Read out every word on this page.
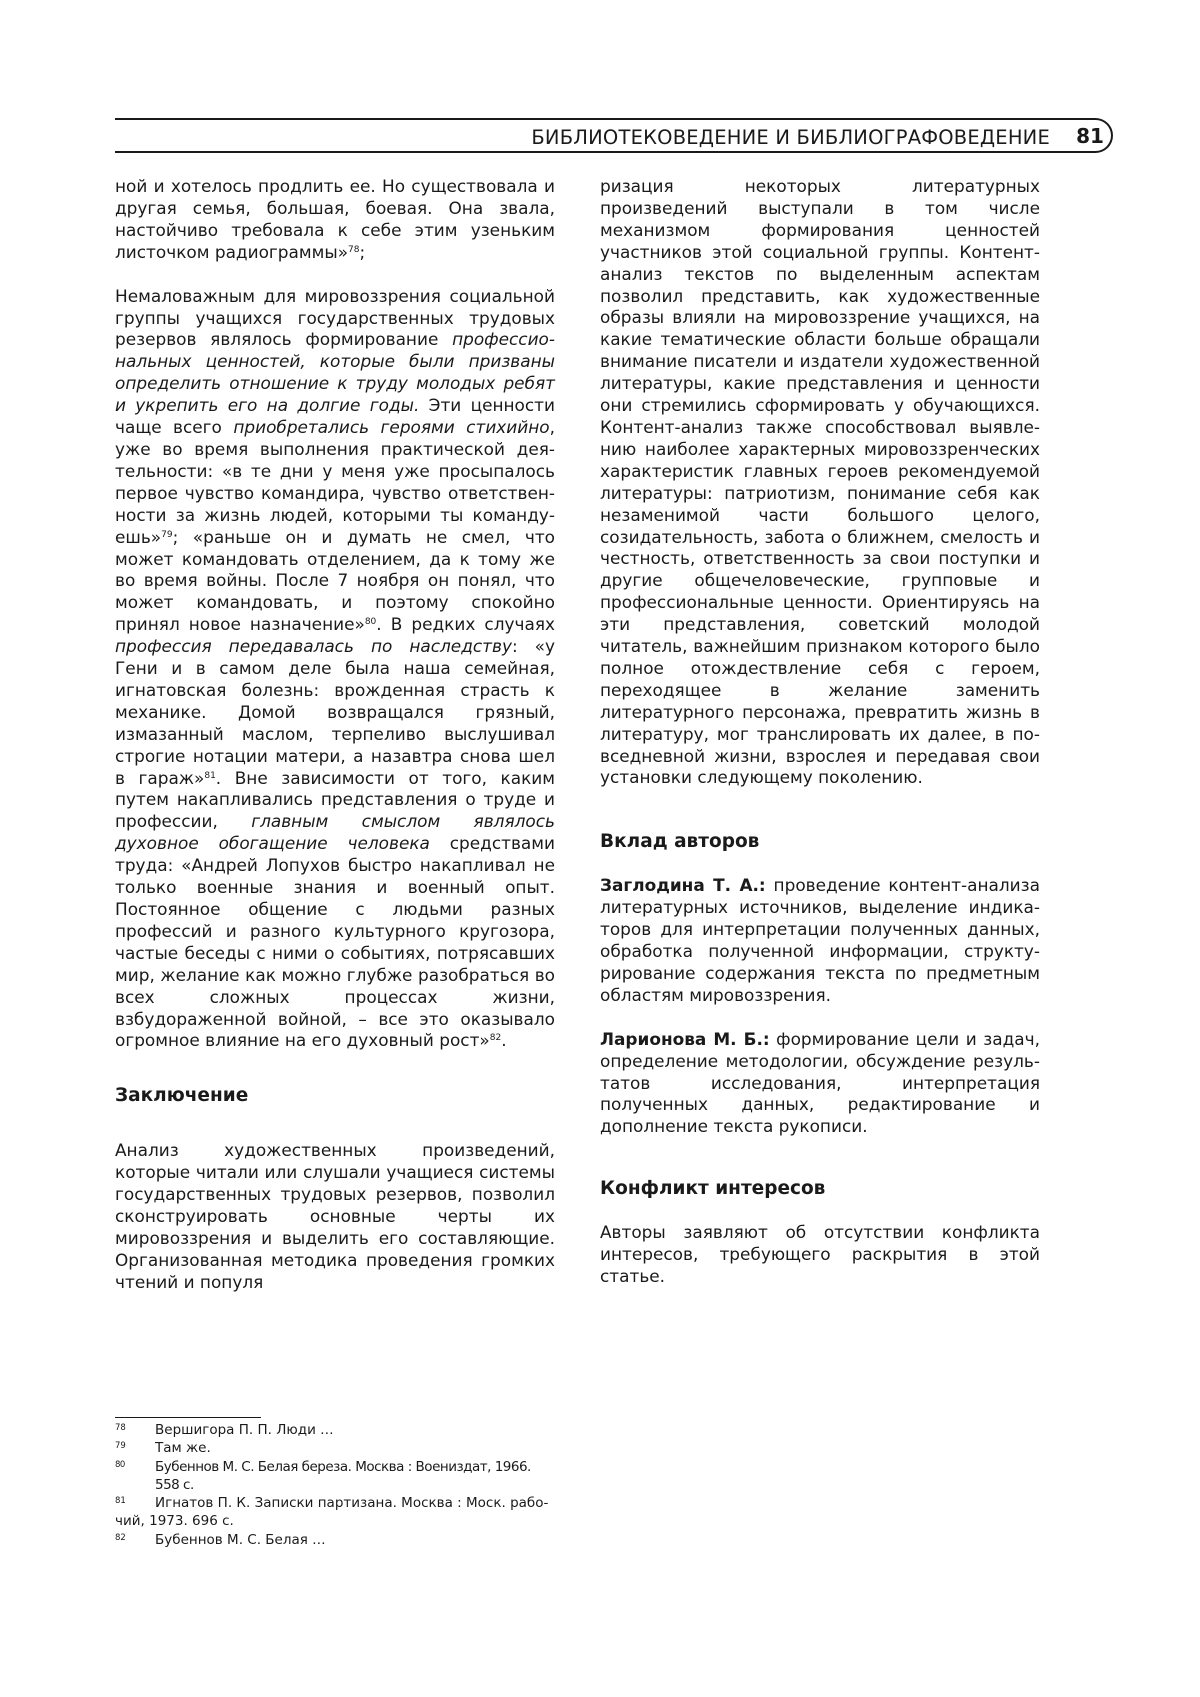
БИБЛИОТЕКОВЕДЕНИЕ И БИБЛИОГРАФОВЕДЕНИЕ 81

ной и хотелось продлить ее. Но существовала и другая семья, большая, боевая. Она звала, настойчиво требовала к себе этим узеньким листочком радиограммы»78;

Немаловажным для мировоззрения социальной группы учащихся государственных трудовых резервов являлось формирование профессио­нальных ценностей, которые были призваны определить отношение к труду молодых ребят и укрепить его на долгие годы. Эти ценности чаще всего приобретались героями стихийно, уже во время выполнения практической дея­тельности: «в те дни у меня уже просыпалось первое чувство командира, чувство ответствен­ности за жизнь людей, которыми ты команду­ешь»79; «раньше он и думать не смел, что может командовать отделением, да к тому же во время войны. После 7 ноября он понял, что может командовать, и поэтому спокойно принял новое назначение»80. В редких случаях профессия передавалась по наследству: «у Гени и в самом деле была наша семейная, игнатовская болезнь: врожденная страсть к механике. Домой возвра­щался грязный, измазанный маслом, терпеливо выслушивал строгие нотации матери, а назавтра снова шел в гараж»81. Вне зависимости от того, каким путем накапливались представления о труде и профессии, главным смыслом являлось духовное обогащение человека средствами труда: «Андрей Лопухов быстро накапливал не только военные знания и военный опыт. Постоянное общение с людьми разных профессий и разного культурного кругозора, частые беседы с ними о событиях, потрясавших мир, желание как можно глубже разобраться во всех сложных процессах жизни, взбудораженной войной, – все это оказывало огромное влияние на его духовный рост»82.

Заключение

Анализ художественных произведений, которые читали или слушали учащиеся системы государ­ственных трудовых резервов, позволил скон­струировать основные черты их мировоззрения и выделить его составляющие. Организованная методика проведения громких чтений и популя­

ризация некоторых литературных произведений выступали в том числе механизмом формирования ценностей участников этой социальной группы. Контент-анализ текстов по выделенным аспек­там позволил представить, как художественные образы влияли на мировоззрение учащихся, на какие тематические области больше обращали внимание писатели и издатели художественной литературы, какие представления и ценности они стремились сформировать у обучающихся. Контент-анализ также способствовал выявле­нию наиболее характерных мировоззренческих характеристик главных героев рекомендуемой литературы: патриотизм, понимание себя как незаменимой части большого целого, созидатель­ность, забота о ближнем, смелость и честность, ответственность за свои поступки и другие обще­человеческие, групповые и профессиональные ценности. Ориентируясь на эти представления, советский молодой читатель, важнейшим при­знаком которого было полное отождествление себя с героем, переходящее в желание заменить литературного персонажа, превратить жизнь в литературу, мог транслировать их далее, в по­вседневной жизни, взрослея и передавая свои установки следующему поколению.

Вклад авторов

Заглодина Т. А.: проведение контент-анализа литературных источников, выделение индика­торов для интерпретации полученных данных, обработка полученной информации, структу­рирование содержания текста по предметным областям мировоззрения.

Ларионова М. Б.: формирование цели и задач, определение методологии, обсуждение резуль­татов исследования, интерпретация полученных данных, редактирование и дополнение текста рукописи.

Конфликт интересов

Авторы заявляют об отсутствии конфликта инте­ресов, требующего раскрытия в этой статье.

78 Вершигора П. П. Люди …

79 Там же.

80 Бубеннов М. С. Белая береза. Москва : Воениздат, 1966. 558 с.

81 Игнатов П. К. Записки партизана. Москва : Моск. рабо­чий, 1973. 696 с.

82 Бубеннов М. С. Белая …
